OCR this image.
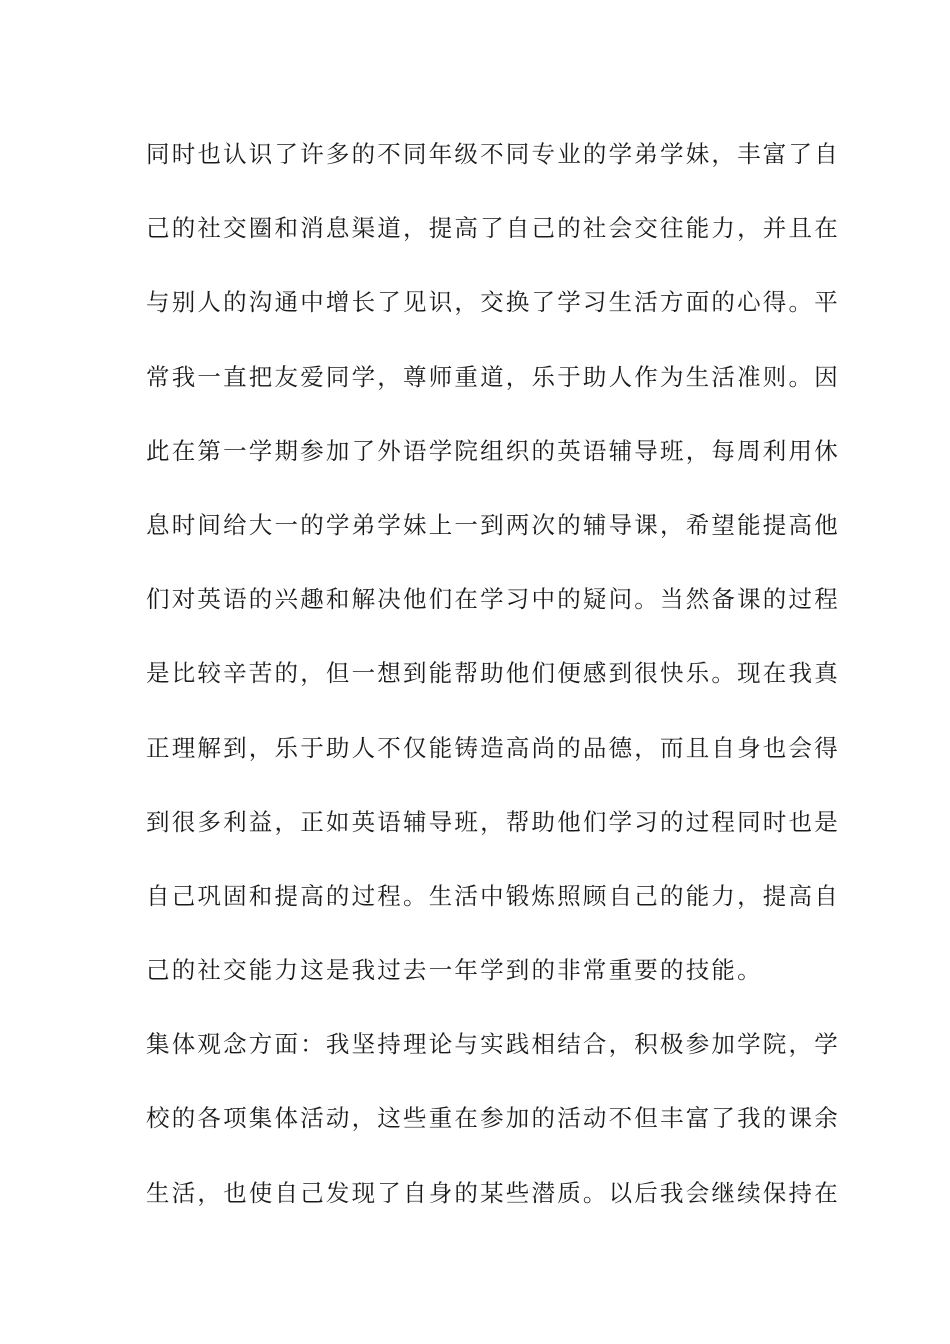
同时也认识了许多的不同年级不同专业的学弟学妹，丰富了自
己的社交圈和消息渠道，提高了自己的社会交往能力，并且在
与别人的沟通中增长了见识，交换了学习生活方面的心得。平
常我一直把友爱同学，尊师重道，乐于助人作为生活准则。因
此在第一学期参加了外语学院组织的英语辅导班，每周利用休
息时间给大一的学弟学妹上一到两次的辅导课，希望能提高他
们对英语的兴趣和解决他们在学习中的疑问。当然备课的过程
是比较辛苦的，但一想到能帮助他们便感到很快乐。现在我真
正理解到，乐于助人不仅能铸造高尚的品德，而且自身也会得
到很多利益，正如英语辅导班，帮助他们学习的过程同时也是
自己巩固和提高的过程。生活中锻炼照顾自己的能力，提高自
己的社交能力这是我过去一年学到的非常重要的技能。
集体观念方面：我坚持理论与实践相结合，积极参加学院，学
校的各项集体活动，这些重在参加的活动不但丰富了我的课余
生活，也使自己发现了自身的某些潜质。以后我会继续保持在
